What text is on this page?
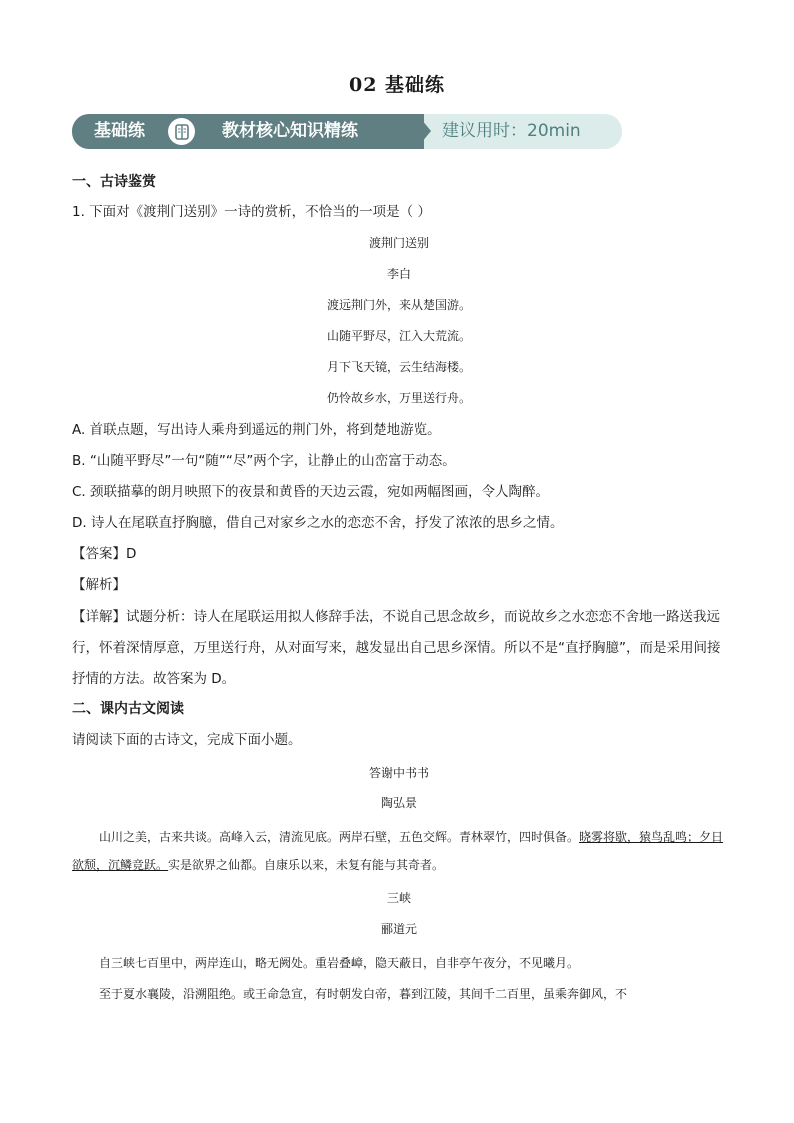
02 基础练
基础练	教材核心知识精练	建议用时：20min
一、古诗鉴赏
1. 下面对《渡荆门送别》一诗的赏析，不恰当的一项是（ ）
渡荆门送别
李白
渡远荆门外，来从楚国游。
山随平野尽，江入大荒流。
月下飞天镜，云生结海楼。
仍怜故乡水，万里送行舟。
A. 首联点题，写出诗人乘舟到遥远的荆门外，将到楚地游览。
B. “山随平野尽”一句“随”“尽”两个字，让静止的山峦富于动态。
C. 颈联描摹的朗月映照下的夜景和黄昏的天边云霞，宛如两幅图画，令人陶醉。
D. 诗人在尾联直抒胸臆，借自己对家乡之水的恋恋不舍，抒发了浓浓的思乡之情。
【答案】D
【解析】
【详解】试题分析：诗人在尾联运用拟人修辞手法，不说自己思念故乡，而说故乡之水恋恋不舍地一路送我远行，怀着深情厚意，万里送行舟，从对面写来，越发显出自己思乡深情。所以不是“直抒胸臆”，而是采用间接抒情的方法。故答案为 D。
二、课内古文阅读
请阅读下面的古诗文，完成下面小题。
答谢中书书
陶弘景
山川之美，古来共谈。高峰入云，清流见底。两岸石壁，五色交辉。青林翠竹，四时俱备。晓雾将歇，猿鸟乱鸣；夕日欲颓，沉鳞竞跃。实是欲界之仙都。自康乐以来，未复有能与其奇者。
三峡
郦道元
自三峡七百里中，两岸连山，略无阙处。重岩叠嶂，隐天蔽日，自非亭午夜分，不见曦月。
至于夏水襄陵，沿溯阻绝。或王命急宣，有时朝发白帝，暮到江陵，其间千二百里，虽乘奔御风，不
